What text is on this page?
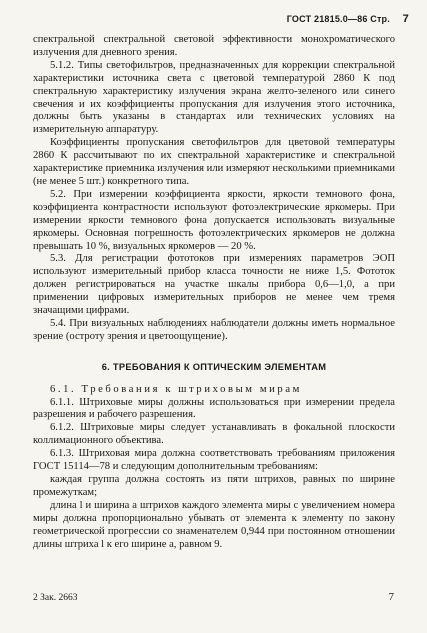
ГОСТ 21815.0—86 Стр. 7

спектральной спектральной световой эффективности монохроматического излучения для дневного зрения.

5.1.2. Типы светофильтров, предназначенных для коррекции спектральной характеристики источника света с цветовой температурой 2860 К под спектральную характеристику излучения экрана желто-зеленого или синего свечения и их коэффициенты пропускания для излучения этого источника, должны быть указаны в стандартах или технических условиях на измерительную аппаратуру.

Коэффициенты пропускания светофильтров для цветовой температуры 2860 К рассчитывают по их спектральной характеристике и спектральной характеристике приемника излучения или измеряют несколькими приемниками (не менее 5 шт.) конкретного типа.

5.2. При измерении коэффициента яркости, яркости темнового фона, коэффициента контрастности используют фотоэлектрические яркомеры. При измерении яркости темнового фона допускается использовать визуальные яркомеры. Основная погрешность фотоэлектрических яркомеров не должна превышать 10 %, визуальных яркомеров — 20 %.

5.3. Для регистрации фототоков при измерениях параметров ЭОП используют измерительный прибор класса точности не ниже 1,5. Фототок должен регистрироваться на участке шкалы прибора 0,6—1,0, а при применении цифровых измерительных приборов не менее чем тремя значащими цифрами.

5.4. При визуальных наблюдениях наблюдатели должны иметь нормальное зрение (остроту зрения и цветоощущение).

6. ТРЕБОВАНИЯ К ОПТИЧЕСКИМ ЭЛЕМЕНТАМ

6.1. Требования к штриховым мирам

6.1.1. Штриховые миры должны использоваться при измерении предела разрешения и рабочего разрешения.

6.1.2. Штриховые миры следует устанавливать в фокальной плоскости коллимационного объектива.

6.1.3. Штриховая мира должна соответствовать требованиям приложения ГОСТ 15114—78 и следующим дополнительным требованиям:

каждая группа должна состоять из пяти штрихов, равных по ширине промежуткам;

длина l и ширина a штрихов каждого элемента миры с увеличением номера миры должна пропорционально убывать от элемента к элементу по закону геометрической прогрессии со знаменателем 0,944 при постоянном отношении длины штриха l к его ширине a, равном 9.

2 Зак. 2663	7
